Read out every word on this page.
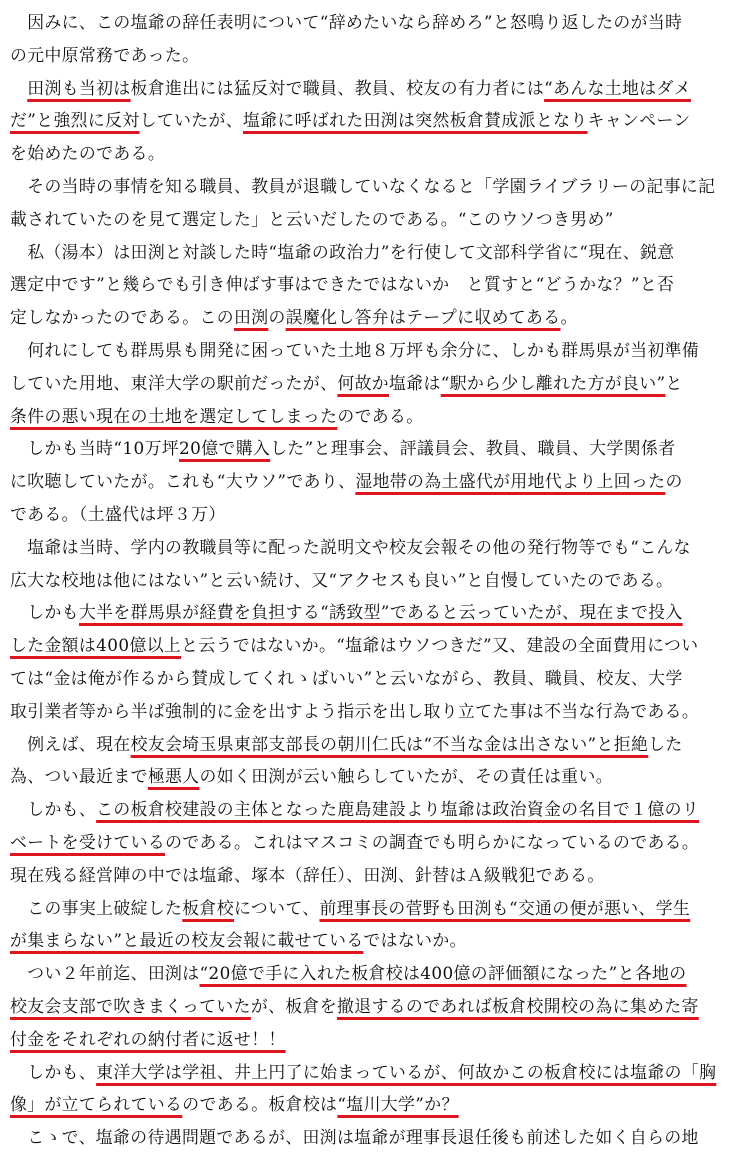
　因みに、この塩爺の辞任表明について“辞めたいなら辞めろ”と怒鳴り返したのが当時
の元中原常務であった。
　田渕も当初は板倉進出には猛反対で職員、教員、校友の有力者には“あんな土地はダメ
だ”と強烈に反対していたが、塩爺に呼ばれた田渕は突然板倉賛成派となりキャンペーン
を始めたのである。
　その当時の事情を知る職員、教員が退職していなくなると「学園ライブラリーの記事に記
載されていたのを見て選定した」と云いだしたのである。“このウソつき男め”
　私（湯本）は田渕と対談した時“塩爺の政治力”を行使して文部科学省に“現在、鋭意
選定中です”と幾らでも引き伸ばす事はできたではないか　と質すと“どうかな？”と否
定しなかったのである。この田渕の誤魔化し答弁はテープに収めてある。
　何れにしても群馬県も開発に困っていた土地８万坪も余分に、しかも群馬県が当初準備
していた用地、東洋大学の駅前だったが、何故か塩爺は“駅から少し離れた方が良い”と
条件の悪い現在の土地を選定してしまったのである。
　しかも当時“10万坪20億で購入した”と理事会、評議員会、教員、職員、大学関係者
に吹聴していたが。これも“大ウソ”であり、湿地帯の為土盛代が用地代より上回ったの
である。（土盛代は坪３万）
　塩爺は当時、学内の教職員等に配った説明文や校友会報その他の発行物等でも“こんな
広大な校地は他にはない”と云い続け、又“アクセスも良い”と自慢していたのである。
　しかも大半を群馬県が経費を負担する“誘致型”であると云っていたが、現在まで投入
した金額は400億以上と云うではないか。“塩爺はウソつきだ”又、建設の全面費用につい
ては“金は俺が作るから賛成してくれゝばいい”と云いながら、教員、職員、校友、大学
取引業者等から半ば強制的に金を出すよう指示を出し取り立てた事は不当な行為である。
　例えば、現在校友会埼玉県東部支部長の朝川仁氏は“不当な金は出さない”と拒絶した
為、つい最近まで極悪人の如く田渕が云い触らしていたが、その責任は重い。
　しかも、この板倉校建設の主体となった鹿島建設より塩爺は政治資金の名目で１億のリ
ベートを受けているのである。これはマスコミの調査でも明らかになっているのである。
現在残る経営陣の中では塩爺、塚本（辞任）、田渕、針替はＡ級戦犯である。
　この事実上破綻した板倉校について、前理事長の菅野も田渕も“交通の便が悪い、学生
が集まらない”と最近の校友会報に載せているではないか。
　つい２年前迄、田渕は“20億で手に入れた板倉校は400億の評価額になった”と各地の
校友会支部で吹きまくっていたが、板倉を撤退するのであれば板倉校開校の為に集めた寄
付金をそれぞれの納付者に返せ！！
　しかも、東洋大学は学祖、井上円了に始まっているが、何故かこの板倉校には塩爺の「胸
像」が立てられているのである。板倉校は“塩川大学”か？
　こゝで、塩爺の待遇問題であるが、田渕は塩爺が理事長退任後も前述した如く自らの地
